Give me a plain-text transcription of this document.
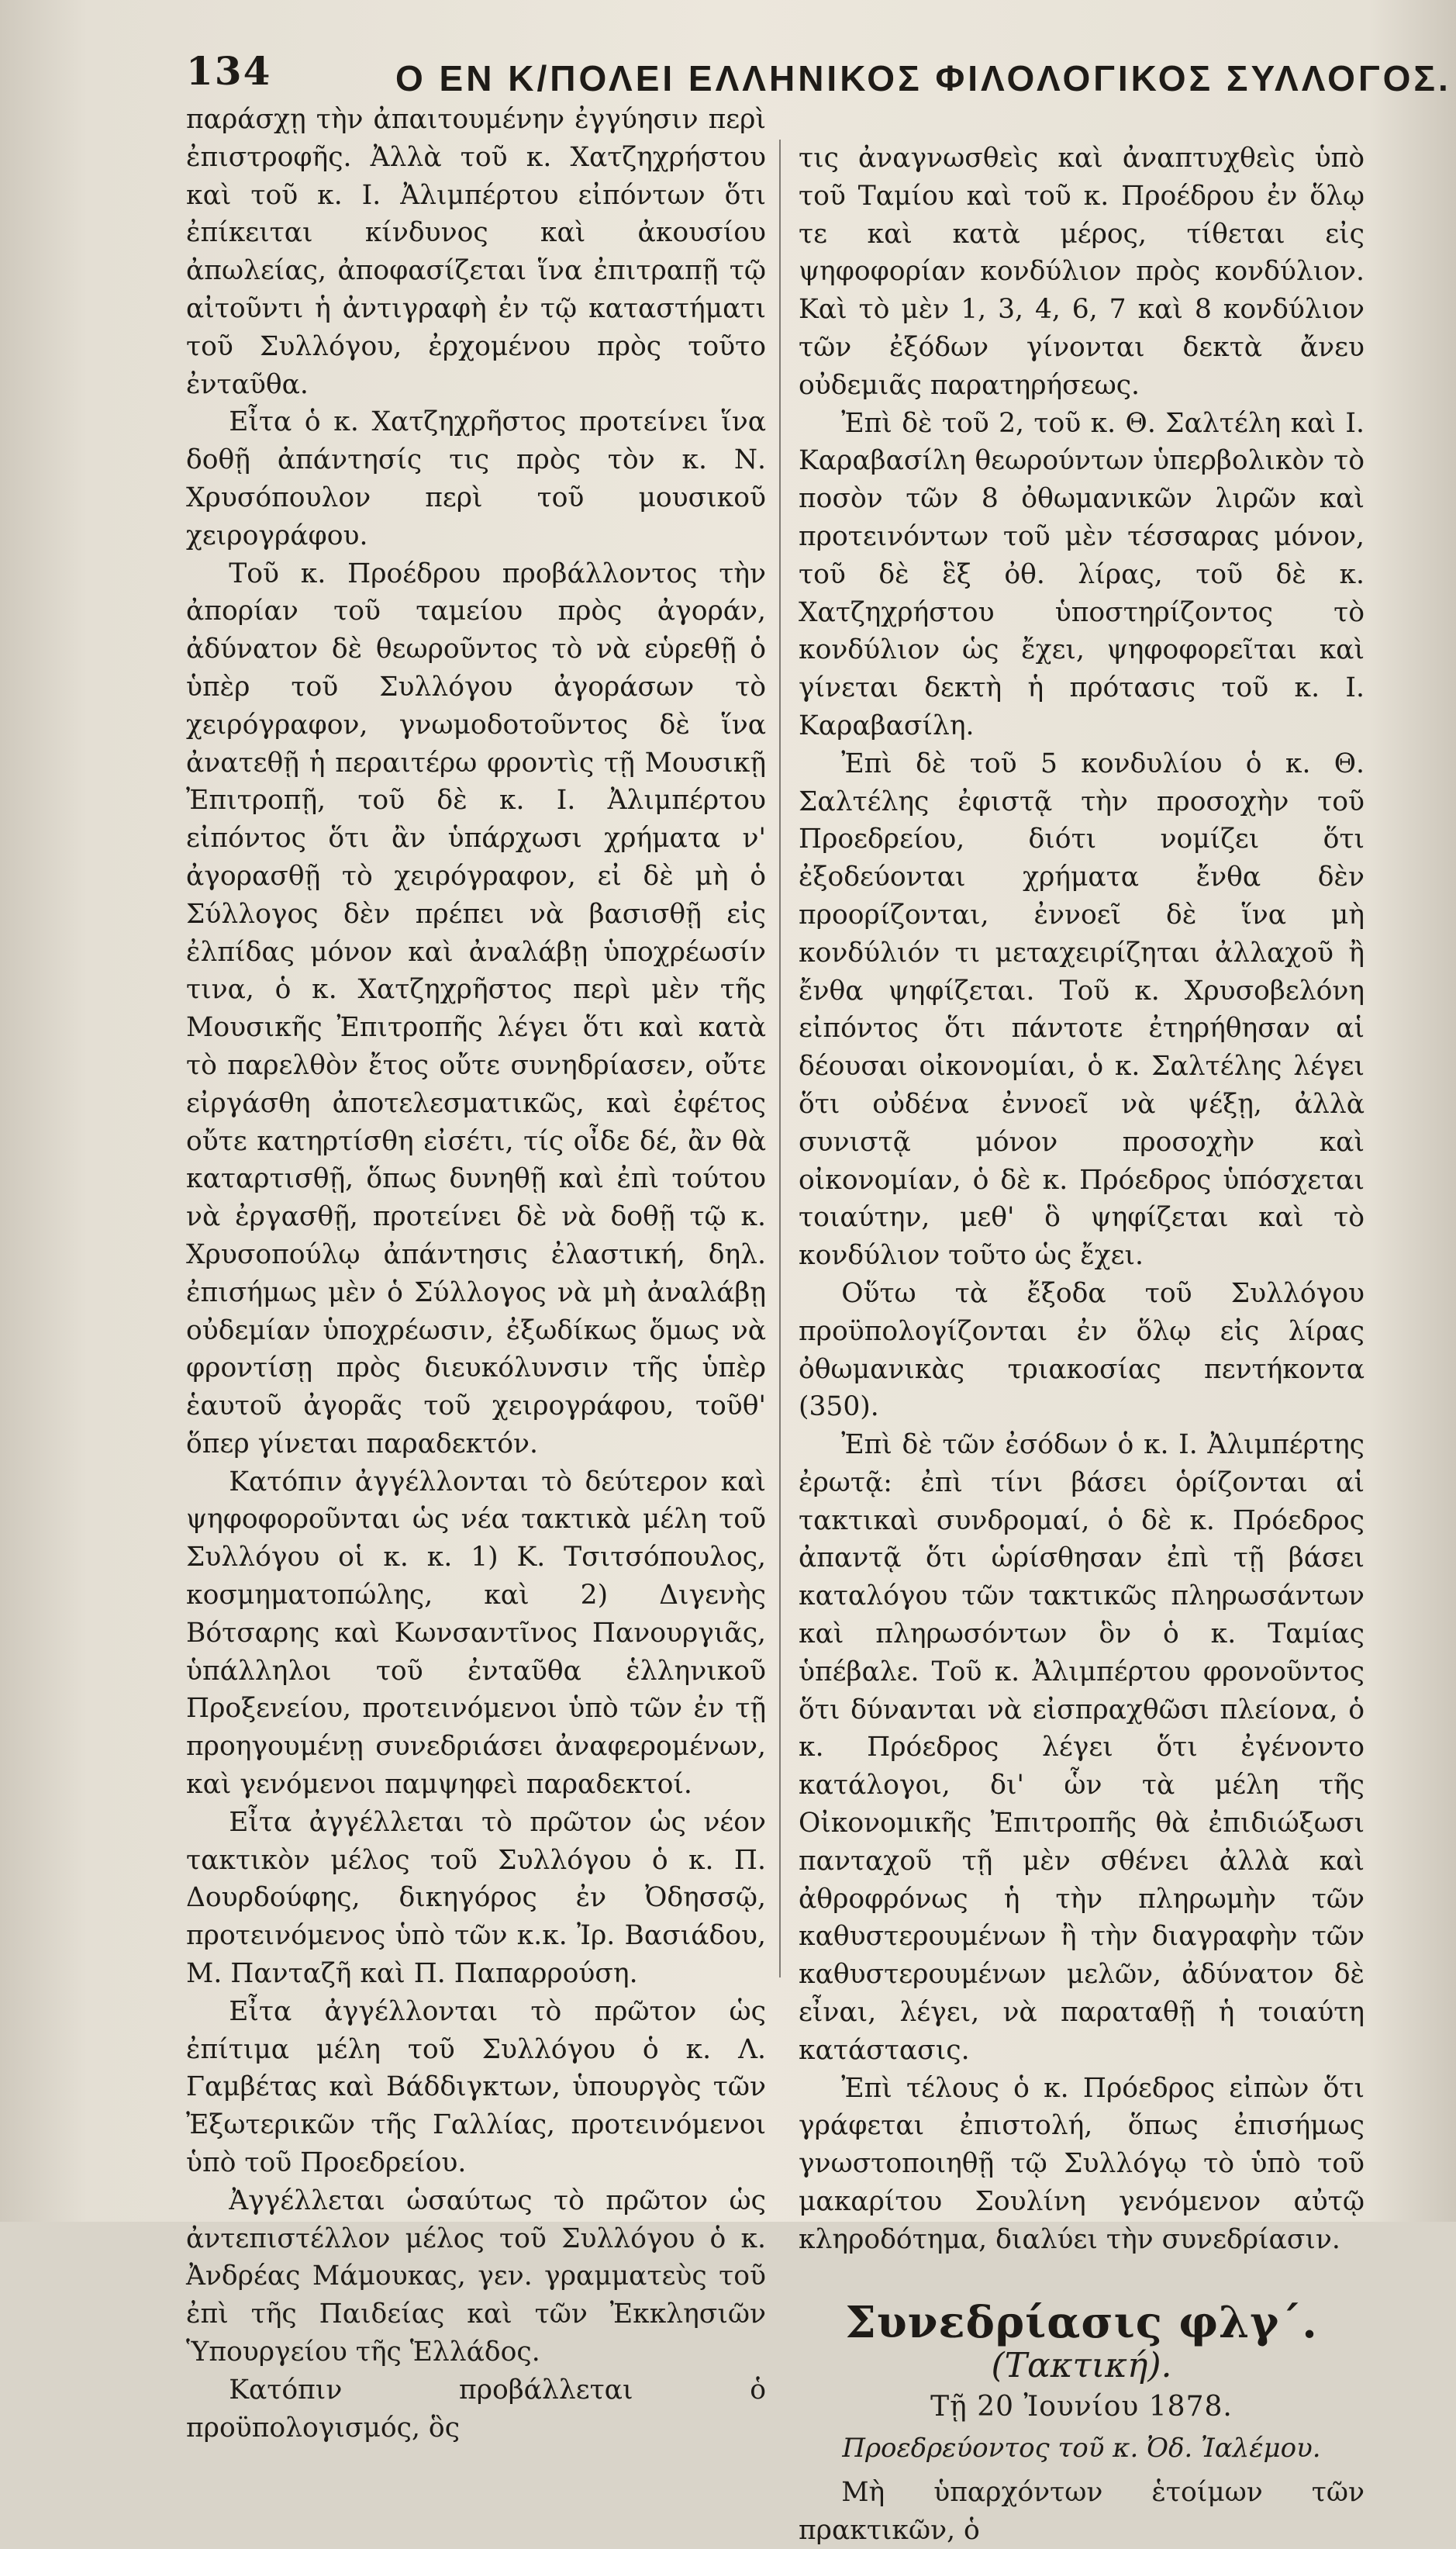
134	Ο ΕΝ Κ/ΠΟΛΕΙ ΕΛΛΗΝΙΚΟΣ ΦΙΛΟΛΟΓΙΚΟΣ ΣΥΛΛΟΓΟΣ.

παράσχῃ τὴν ἀπαιτουμένην ἐγγύησιν περὶ ἐπιστροφῆς. Ἀλλὰ τοῦ κ. Χατζηχρήστου καὶ τοῦ κ. Ι. Ἀλιμπέρτου εἰπόντων ὅτι ἐπίκειται κίνδυνος καὶ ἀκουσίου ἀπωλείας, ἀποφασίζεται ἵνα ἐπιτραπῇ τῷ αἰτοῦντι ἡ ἀντιγραφὴ ἐν τῷ καταστήματι τοῦ Συλλόγου, ἐρχομένου πρὸς τοῦτο ἐνταῦθα.

Εἶτα ὁ κ. Χατζηχρῆστος προτείνει ἵνα δοθῇ ἀπάντησίς τις πρὸς τὸν κ. Ν. Χρυσόπουλον περὶ τοῦ μουσικοῦ χειρογράφου.

Τοῦ κ. Προέδρου προβάλλοντος τὴν ἀπορίαν τοῦ ταμείου πρὸς ἀγοράν, ἀδύνατον δὲ θεωροῦντος τὸ νὰ εὑρεθῇ ὁ ὑπὲρ τοῦ Συλλόγου ἀγοράσων τὸ χειρόγραφον, γνωμοδοτοῦντος δὲ ἵνα ἀνατεθῇ ἡ περαιτέρω φροντὶς τῇ Μουσικῇ Ἐπιτροπῇ, τοῦ δὲ κ. Ι. Ἀλιμπέρτου εἰπόντος ὅτι ἂν ὑπάρχωσι χρήματα ν' ἀγορασθῇ τὸ χειρόγραφον, εἰ δὲ μὴ ὁ Σύλλογος δὲν πρέπει νὰ βασισθῇ εἰς ἐλπίδας μόνον καὶ ἀναλάβῃ ὑποχρέωσίν τινα, ὁ κ. Χατζηχρῆστος περὶ μὲν τῆς Μουσικῆς Ἐπιτροπῆς λέγει ὅτι καὶ κατὰ τὸ παρελθὸν ἔτος οὔτε συνηδρίασεν, οὔτε εἰργάσθη ἀποτελεσματικῶς, καὶ ἐφέτος οὔτε κατηρτίσθη εἰσέτι, τίς οἶδε δέ, ἂν θὰ καταρτισθῇ, ὅπως δυνηθῇ καὶ ἐπὶ τούτου νὰ ἐργασθῇ, προτείνει δὲ νὰ δοθῇ τῷ κ. Χρυσοπούλῳ ἀπάντησις ἐλαστική, δηλ. ἐπισήμως μὲν ὁ Σύλλογος νὰ μὴ ἀναλάβῃ οὐδεμίαν ὑποχρέωσιν, ἐξωδίκως ὅμως νὰ φροντίσῃ πρὸς διευκόλυνσιν τῆς ὑπὲρ ἑαυτοῦ ἀγορᾶς τοῦ χειρογράφου, τοῦθ' ὅπερ γίνεται παραδεκτόν.

Κατόπιν ἀγγέλλονται τὸ δεύτερον καὶ ψηφοφοροῦνται ὡς νέα τακτικὰ μέλη τοῦ Συλλόγου οἱ κ. κ. 1) Κ. Τσιτσόπουλος, κοσμηματοπώλης, καὶ 2) Διγενὴς Βότσαρης καὶ Κωνσαντῖνος Πανουργιᾶς, ὑπάλληλοι τοῦ ἐνταῦθα ἑλληνικοῦ Προξενείου, προτεινόμενοι ὑπὸ τῶν ἐν τῇ προηγουμένῃ συνεδριάσει ἀναφερομένων, καὶ γενόμενοι παμψηφεὶ παραδεκτοί.

Εἶτα ἀγγέλλεται τὸ πρῶτον ὡς νέον τακτικὸν μέλος τοῦ Συλλόγου ὁ κ. Π. Δουρδούφης, δικηγόρος ἐν Ὀδησσῷ, προτεινόμενος ὑπὸ τῶν κ.κ. Ἰρ. Βασιάδου, Μ. Πανταζῆ καὶ Π. Παπαρρούση.

Εἶτα ἀγγέλλονται τὸ πρῶτον ὡς ἐπίτιμα μέλη τοῦ Συλλόγου ὁ κ. Λ. Γαμβέτας καὶ Βάδδιγκτων, ὑπουργὸς τῶν Ἐξωτερικῶν τῆς Γαλλίας, προτεινόμενοι ὑπὸ τοῦ Προεδρείου.

Ἀγγέλλεται ὡσαύτως τὸ πρῶτον ὡς ἀντεπιστέλλον μέλος τοῦ Συλλόγου ὁ κ. Ἀνδρέας Μάμουκας, γεν. γραμματεὺς τοῦ ἐπὶ τῆς Παιδείας καὶ τῶν Ἐκκλησιῶν Ὑπουργείου τῆς Ἑλλάδος.

Κατόπιν προβάλλεται ὁ προϋπολογισμός, ὃς

τις ἀναγνωσθεὶς καὶ ἀναπτυχθεὶς ὑπὸ τοῦ Ταμίου καὶ τοῦ κ. Προέδρου ἐν ὅλῳ τε καὶ κατὰ μέρος, τίθεται εἰς ψηφοφορίαν κονδύλιον πρὸς κονδύλιον. Καὶ τὸ μὲν 1, 3, 4, 6, 7 καὶ 8 κονδύλιον τῶν ἐξόδων γίνονται δεκτὰ ἄνευ οὐδεμιᾶς παρατηρήσεως.

Ἐπὶ δὲ τοῦ 2, τοῦ κ. Θ. Σαλτέλη καὶ Ι. Καραβασίλη θεωρούντων ὑπερβολικὸν τὸ ποσὸν τῶν 8 ὀθωμανικῶν λιρῶν καὶ προτεινόντων τοῦ μὲν τέσσαρας μόνον, τοῦ δὲ ἓξ ὀθ. λίρας, τοῦ δὲ κ. Χατζηχρήστου ὑποστηρίζοντος τὸ κονδύλιον ὡς ἔχει, ψηφοφορεῖται καὶ γίνεται δεκτὴ ἡ πρότασις τοῦ κ. Ι. Καραβασίλη.

Ἐπὶ δὲ τοῦ 5 κονδυλίου ὁ κ. Θ. Σαλτέλης ἐφιστᾷ τὴν προσοχὴν τοῦ Προεδρείου, διότι νομίζει ὅτι ἐξοδεύονται χρήματα ἔνθα δὲν προορίζονται, ἐννοεῖ δὲ ἵνα μὴ κονδύλιόν τι μεταχειρίζηται ἀλλαχοῦ ἢ ἔνθα ψηφίζεται. Τοῦ κ. Χρυσοβελόνη εἰπόντος ὅτι πάντοτε ἐτηρήθησαν αἱ δέουσαι οἰκονομίαι, ὁ κ. Σαλτέλης λέγει ὅτι οὐδένα ἐννοεῖ νὰ ψέξῃ, ἀλλὰ συνιστᾷ μόνον προσοχὴν καὶ οἰκονομίαν, ὁ δὲ κ. Πρόεδρος ὑπόσχεται τοιαύτην, μεθ' ὃ ψηφίζεται καὶ τὸ κονδύλιον τοῦτο ὡς ἔχει.

Οὕτω τὰ ἔξοδα τοῦ Συλλόγου προϋπολογίζονται ἐν ὅλῳ εἰς λίρας ὀθωμανικὰς τριακοσίας πεντήκοντα (350).

Ἐπὶ δὲ τῶν ἐσόδων ὁ κ. Ι. Ἀλιμπέρτης ἐρωτᾷ: ἐπὶ τίνι βάσει ὁρίζονται αἱ τακτικαὶ συνδρομαί, ὁ δὲ κ. Πρόεδρος ἀπαντᾷ ὅτι ὡρίσθησαν ἐπὶ τῇ βάσει καταλόγου τῶν τακτικῶς πληρωσάντων καὶ πληρωσόντων ὃν ὁ κ. Ταμίας ὑπέβαλε. Τοῦ κ. Ἀλιμπέρτου φρονοῦντος ὅτι δύνανται νὰ εἰσπραχθῶσι πλείονα, ὁ κ. Πρόεδρος λέγει ὅτι ἐγένοντο κατάλογοι, δι' ὧν τὰ μέλη τῆς Οἰκονομικῆς Ἐπιτροπῆς θὰ ἐπιδιώξωσι πανταχοῦ τῇ μὲν σθένει ἀλλὰ καὶ ἀθροφρόνως ἡ τὴν πληρωμὴν τῶν καθυστερουμένων ἢ τὴν διαγραφὴν τῶν καθυστερουμένων μελῶν, ἀδύνατον δὲ εἶναι, λέγει, νὰ παραταθῇ ἡ τοιαύτη κατάστασις.

Ἐπὶ τέλους ὁ κ. Πρόεδρος εἰπὼν ὅτι γράφεται ἐπιστολή, ὅπως ἐπισήμως γνωστοποιηθῇ τῷ Συλλόγῳ τὸ ὑπὸ τοῦ μακαρίτου Σουλίνη γενόμενον αὐτῷ κληροδότημα, διαλύει τὴν συνεδρίασιν.

Συνεδρίασις φλγ΄.
(Τακτική).
Τῇ 20 Ἰουνίου 1878.
Προεδρεύοντος τοῦ κ. Ὀδ. Ἰαλέμου.
Μὴ ὑπαρχόντων ἑτοίμων τῶν πρακτικῶν, ὁ
